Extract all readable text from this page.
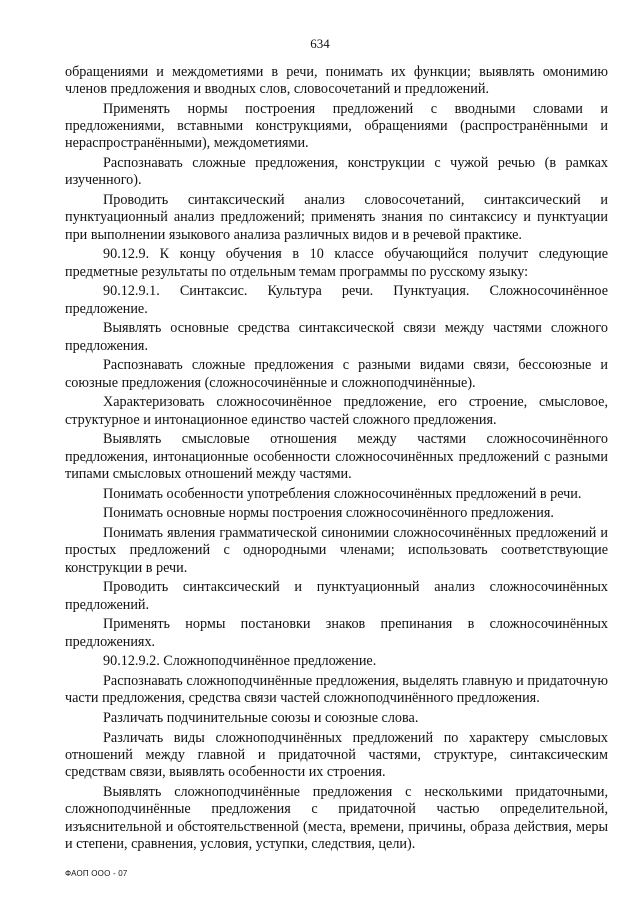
634

обращениями и междометиями в речи, понимать их функции; выявлять омонимию членов предложения и вводных слов, словосочетаний и предложений.

Применять нормы построения предложений с вводными словами и предложениями, вставными конструкциями, обращениями (распространёнными и нераспространёнными), междометиями.

Распознавать сложные предложения, конструкции с чужой речью (в рамках изученного).

Проводить синтаксический анализ словосочетаний, синтаксический и пунктуационный анализ предложений; применять знания по синтаксису и пунктуации при выполнении языкового анализа различных видов и в речевой практике.

90.12.9. К концу обучения в 10 классе обучающийся получит следующие предметные результаты по отдельным темам программы по русскому языку:

90.12.9.1. Синтаксис. Культура речи. Пунктуация. Сложносочинённое предложение.

Выявлять основные средства синтаксической связи между частями сложного предложения.

Распознавать сложные предложения с разными видами связи, бессоюзные и союзные предложения (сложносочинённые и сложноподчинённые).

Характеризовать сложносочинённое предложение, его строение, смысловое, структурное и интонационное единство частей сложного предложения.

Выявлять смысловые отношения между частями сложносочинённого предложения, интонационные особенности сложносочинённых предложений с разными типами смысловых отношений между частями.

Понимать особенности употребления сложносочинённых предложений в речи.

Понимать основные нормы построения сложносочинённого предложения.

Понимать явления грамматической синонимии сложносочинённых предложений и простых предложений с однородными членами; использовать соответствующие конструкции в речи.

Проводить синтаксический и пунктуационный анализ сложносочинённых предложений.

Применять нормы постановки знаков препинания в сложносочинённых предложениях.

90.12.9.2. Сложноподчинённое предложение.

Распознавать сложноподчинённые предложения, выделять главную и придаточную части предложения, средства связи частей сложноподчинённого предложения.

Различать подчинительные союзы и союзные слова.

Различать виды сложноподчинённых предложений по характеру смысловых отношений между главной и придаточной частями, структуре, синтаксическим средствам связи, выявлять особенности их строения.

Выявлять сложноподчинённые предложения с несколькими придаточными, сложноподчинённые предложения с придаточной частью определительной, изъяснительной и обстоятельственной (места, времени, причины, образа действия, меры и степени, сравнения, условия, уступки, следствия, цели).

ФАОП ООО - 07
